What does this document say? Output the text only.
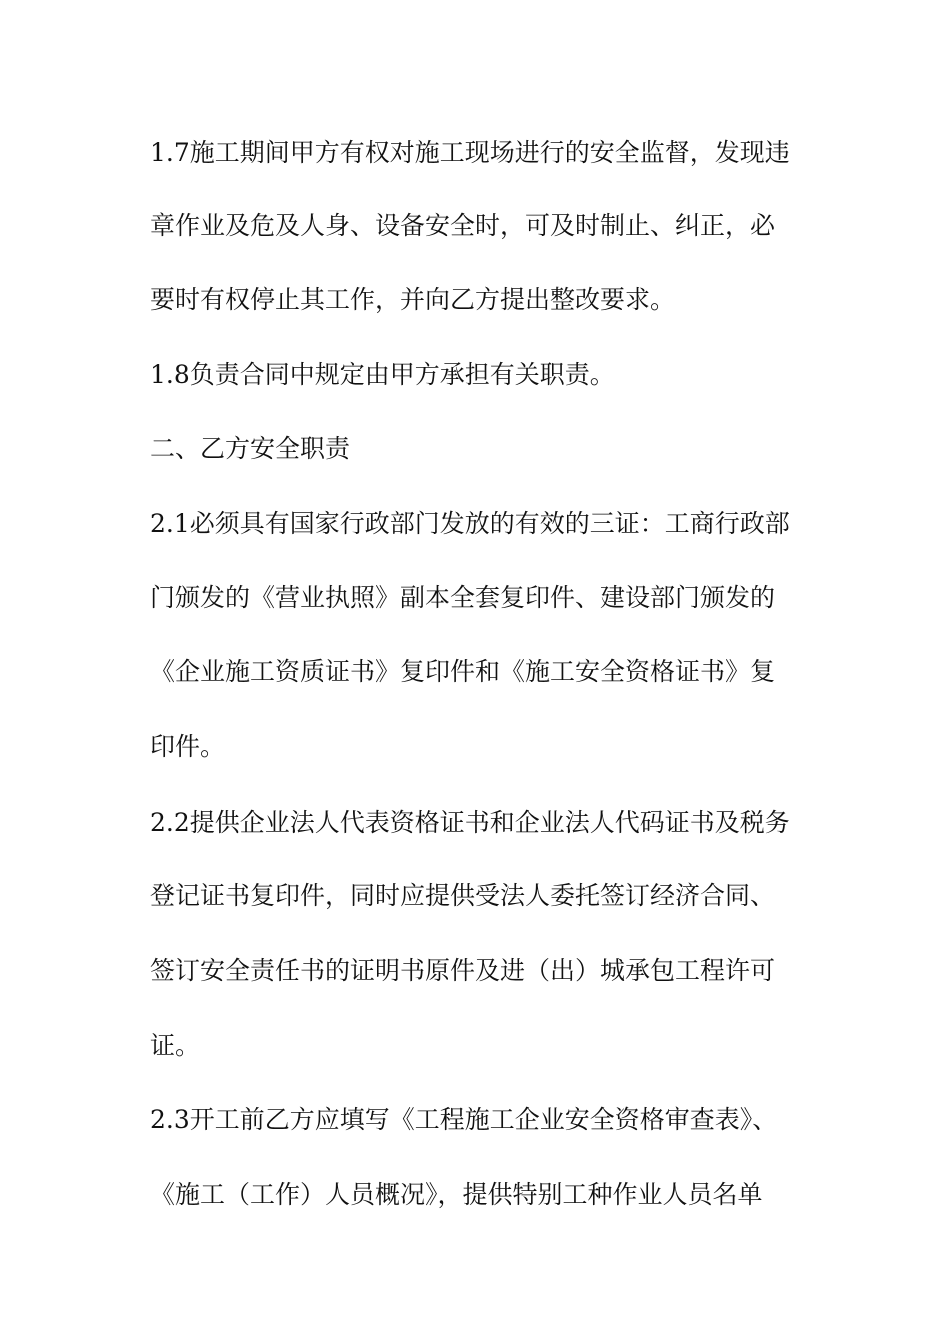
1.7施工期间甲方有权对施工现场进行的安全监督，发现违
章作业及危及人身、设备安全时，可及时制止、纠正，必
要时有权停止其工作，并向乙方提出整改要求。
1.8负责合同中规定由甲方承担有关职责。
二、乙方安全职责
2.1必须具有国家行政部门发放的有效的三证：工商行政部
门颁发的《营业执照》副本全套复印件、建设部门颁发的
《企业施工资质证书》复印件和《施工安全资格证书》复
印件。
2.2提供企业法人代表资格证书和企业法人代码证书及税务
登记证书复印件，同时应提供受法人委托签订经济合同、
签订安全责任书的证明书原件及进（出）城承包工程许可
证。
2.3开工前乙方应填写《工程施工企业安全资格审查表》、
《施工（工作）人员概况》，提供特别工种作业人员名单
